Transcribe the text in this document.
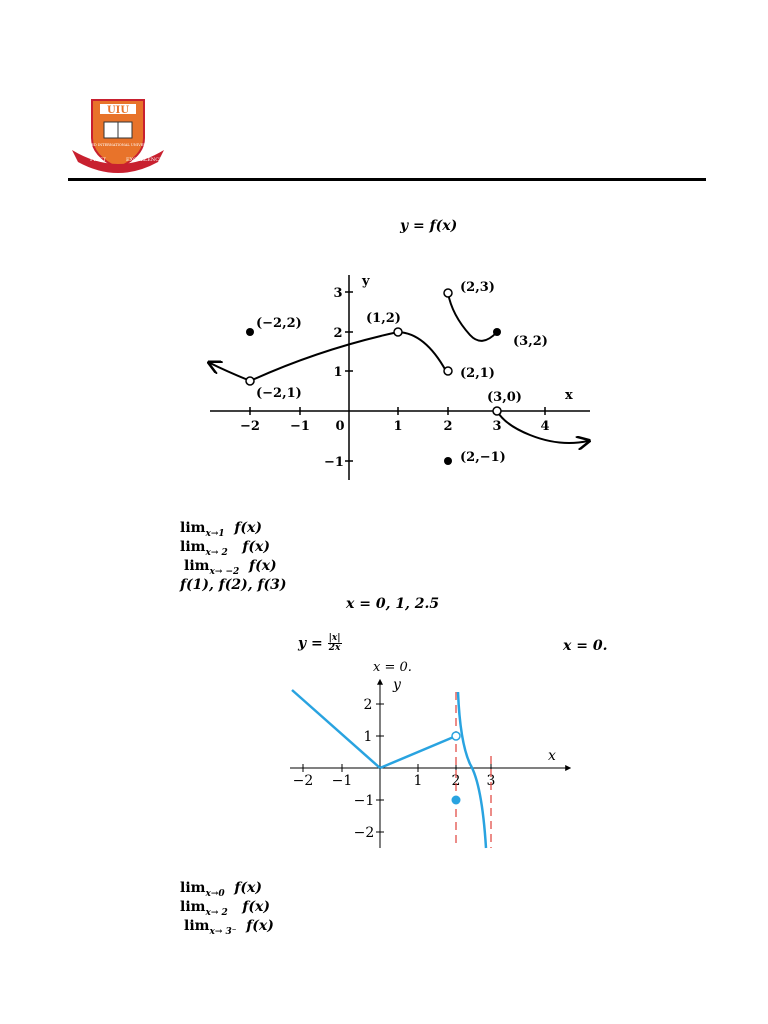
UIU
FIRST	EXCELLENCE
UNITED INTERNATIONAL UNIVERSITY
y = f(x)
−2 −1 0	1	2	3	4
3
2
1
−1
y
x
(−2,2)	(1,2)
(2,3)
(3,2)
(−2,1)
(2,1)
(3,0)
(2,−1)
$\lim_{x\to 1} f(x)$
$\lim_{x\to 2} f(x)$
$\lim_{x\to -2} f(x)$
f(1), f(2), f(3)
x = 0, 1, 2.5
$y = \frac{|x|}{2x}$	x = 0.
x = 0.
−2 −1	1 2 3
2
1
−1
−2
y
x
$\lim_{x\to 0} f(x)$
$\lim_{x\to 2} f(x)$
$\lim_{x\to 3^-} f(x)$
